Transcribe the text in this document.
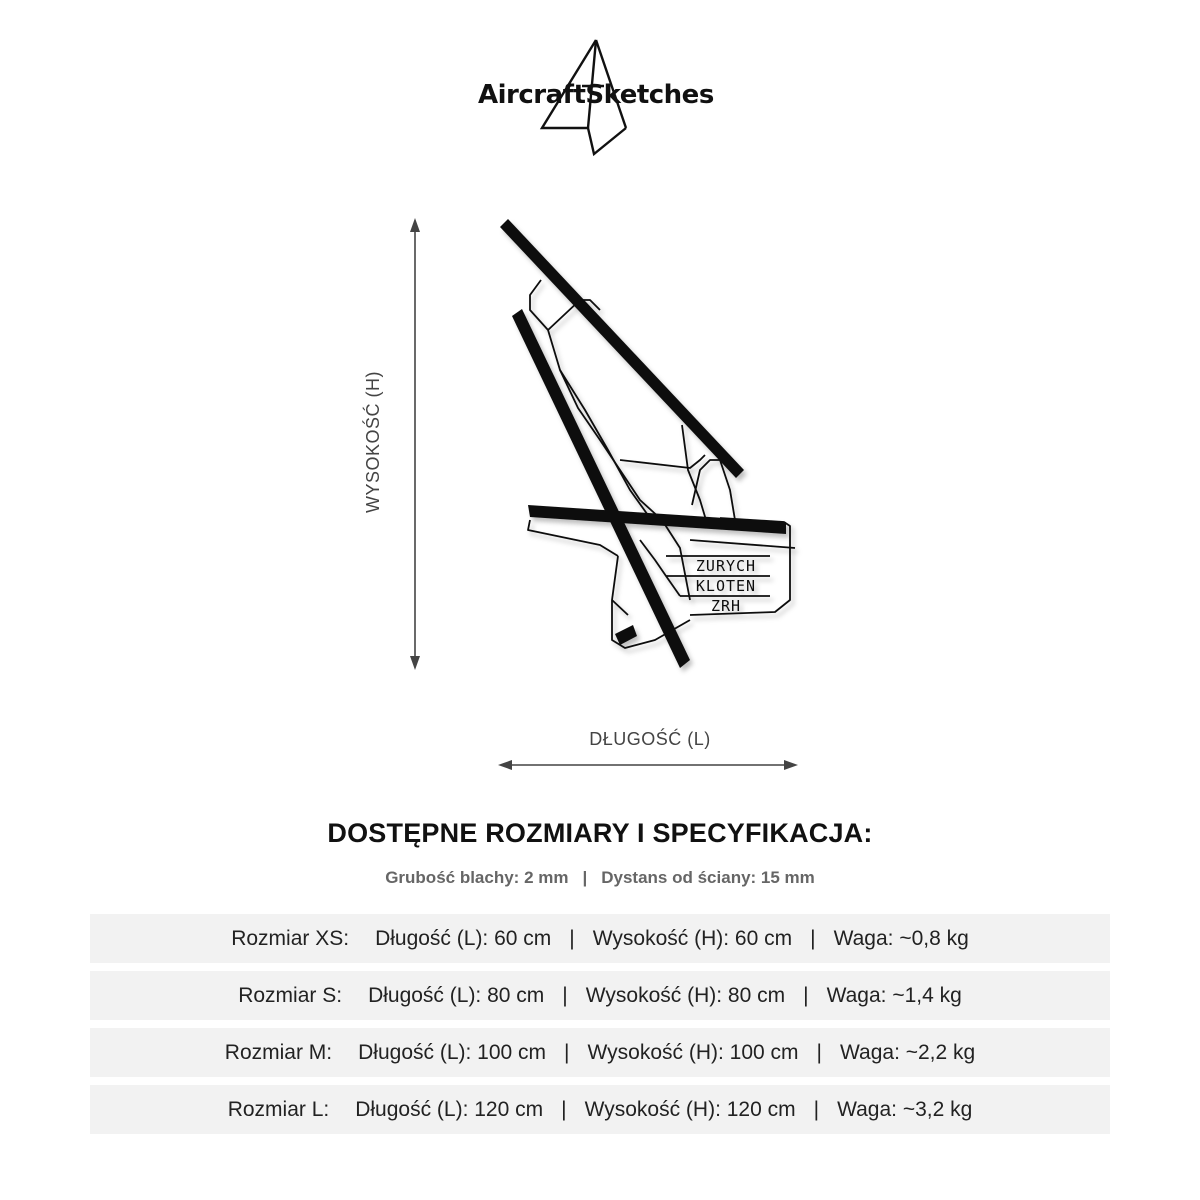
AircraftSketches
WYSOKOŚĆ (H)
ZURYCH
KLOTEN
ZRH
DŁUGOŚĆ (L)
DOSTĘPNE ROZMIARY I SPECYFIKACJA:
Grubość blachy: 2 mm | Dystans od ściany: 15 mm
Rozmiar XS: Długość (L): 60 cm | Wysokość (H): 60 cm | Waga: ~0,8 kg
Rozmiar S: Długość (L): 80 cm | Wysokość (H): 80 cm | Waga: ~1,4 kg
Rozmiar M: Długość (L): 100 cm | Wysokość (H): 100 cm | Waga: ~2,2 kg
Rozmiar L: Długość (L): 120 cm | Wysokość (H): 120 cm | Waga: ~3,2 kg
